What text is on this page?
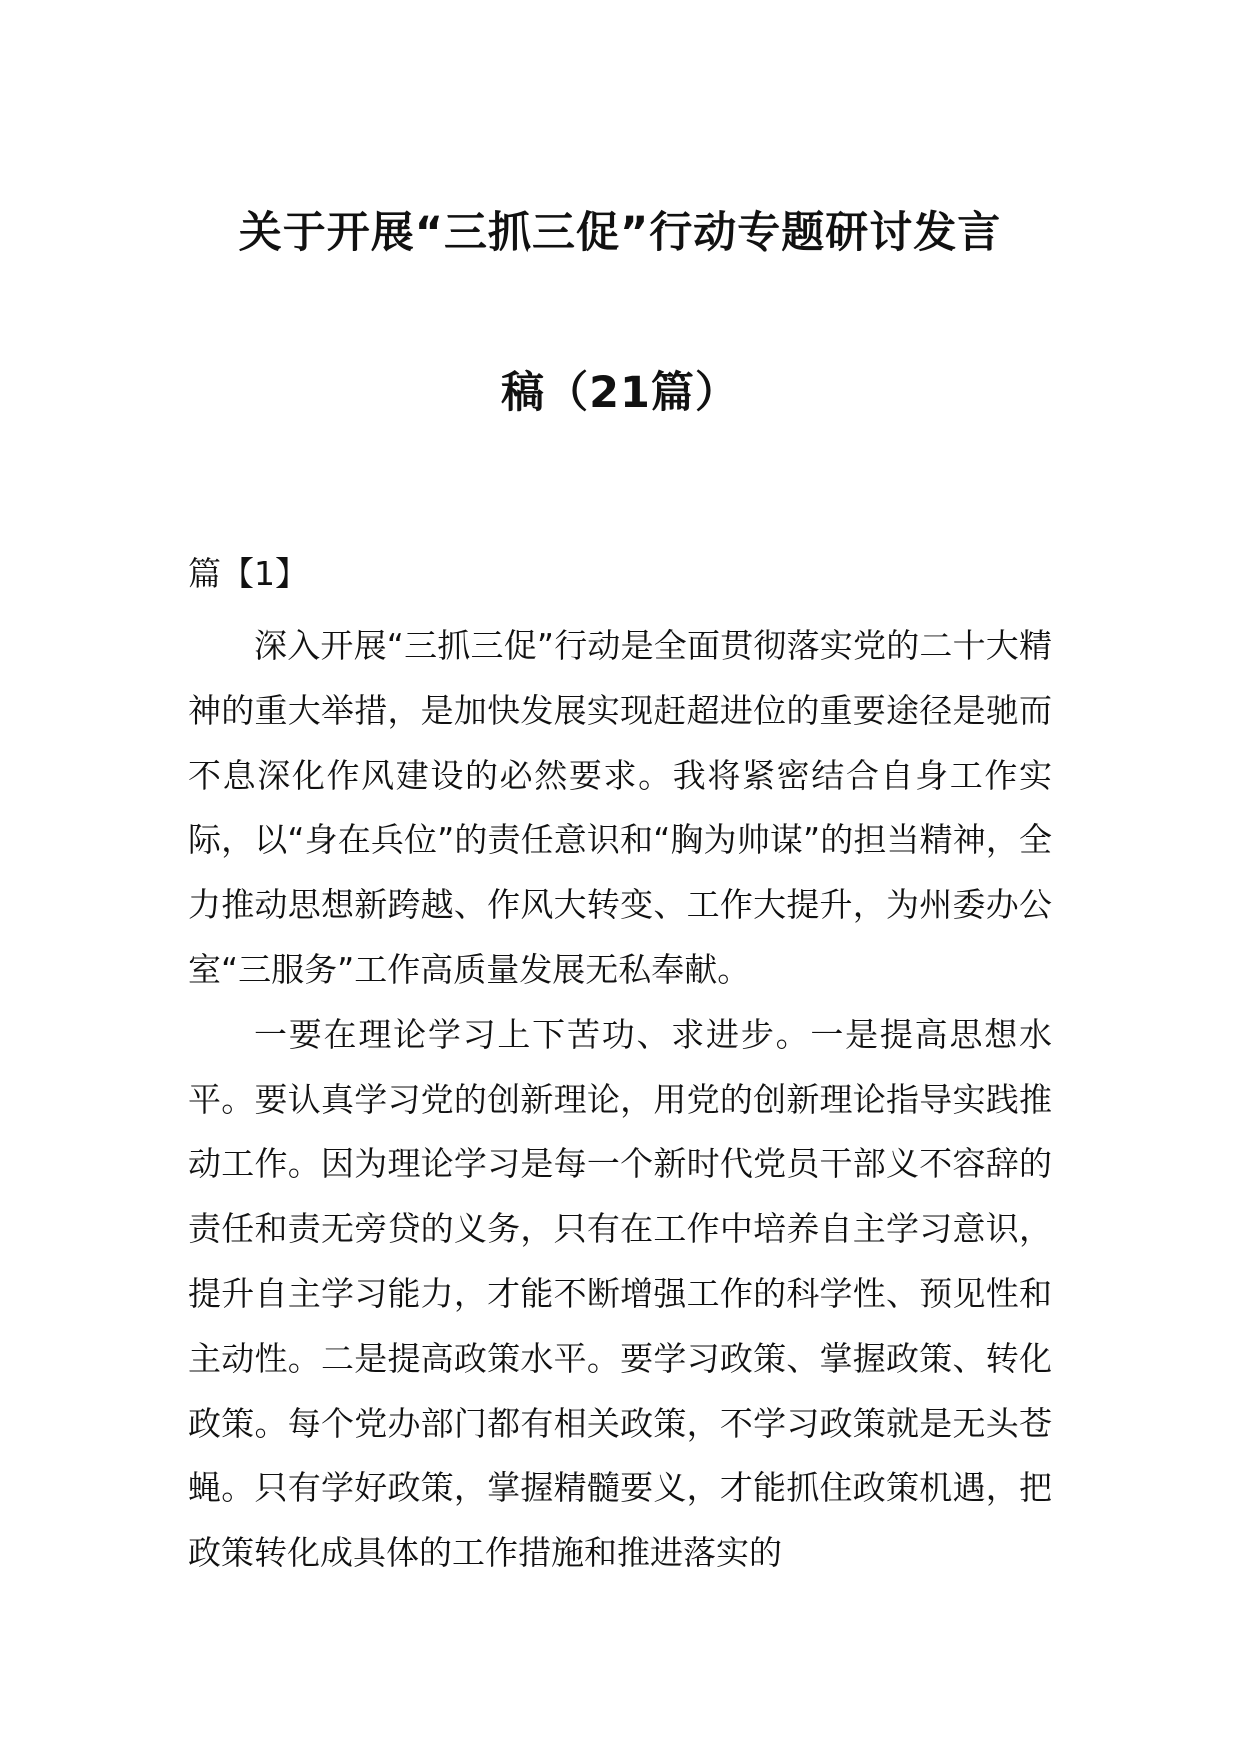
关于开展“三抓三促”行动专题研讨发言
稿（21篇）
篇【1】

深入开展“三抓三促”行动是全面贯彻落实党的二十大精神的重大举措，是加快发展实现赶超进位的重要途径是驰而不息深化作风建设的必然要求。我将紧密结合自身工作实际，以“身在兵位”的责任意识和“胸为帅谋”的担当精神，全力推动思想新跨越、作风大转变、工作大提升，为州委办公室“三服务”工作高质量发展无私奉献。

一要在理论学习上下苦功、求进步。一是提高思想水平。要认真学习党的创新理论，用党的创新理论指导实践推动工作。因为理论学习是每一个新时代党员干部义不容辞的责任和责无旁贷的义务，只有在工作中培养自主学习意识，提升自主学习能力，才能不断增强工作的科学性、预见性和主动性。二是提高政策水平。要学习政策、掌握政策、转化政策。每个党办部门都有相关政策，不学习政策就是无头苍蝇。只有学好政策，掌握精髓要义，才能抓住政策机遇，把政策转化成具体的工作措施和推进落实的
